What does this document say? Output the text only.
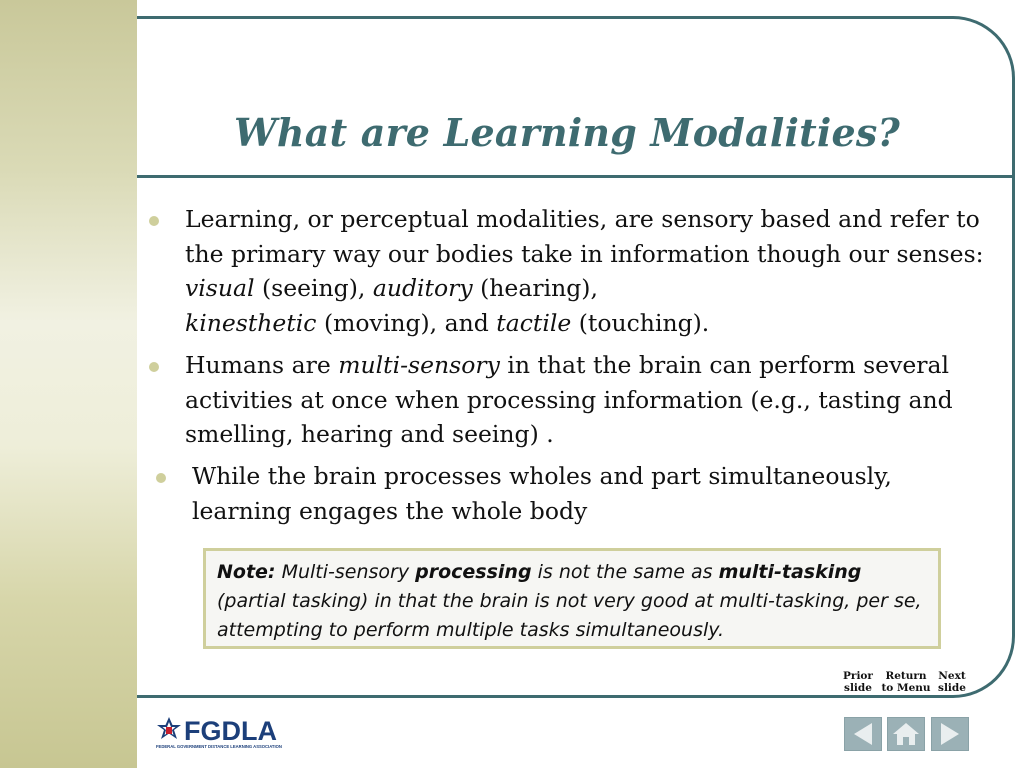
What are Learning Modalities?
Learning, or perceptual modalities, are sensory based and refer to the primary way our bodies take in information though our senses: visual (seeing), auditory (hearing),
kinesthetic (moving), and tactile (touching).
Humans are multi-sensory in that the brain can perform several activities at once when processing information (e.g., tasting and smelling, hearing and seeing) .
While the brain processes wholes and part simultaneously, learning engages the whole body
Note: Multi-sensory processing is not the same as multi-tasking (partial tasking) in that the brain is not very good at multi-tasking, per se, attempting to perform multiple tasks simultaneously.
Prior
slide
Return
to Menu
Next
slide
FGDLA
FEDERAL GOVERNMENT DISTANCE LEARNING ASSOCIATION
